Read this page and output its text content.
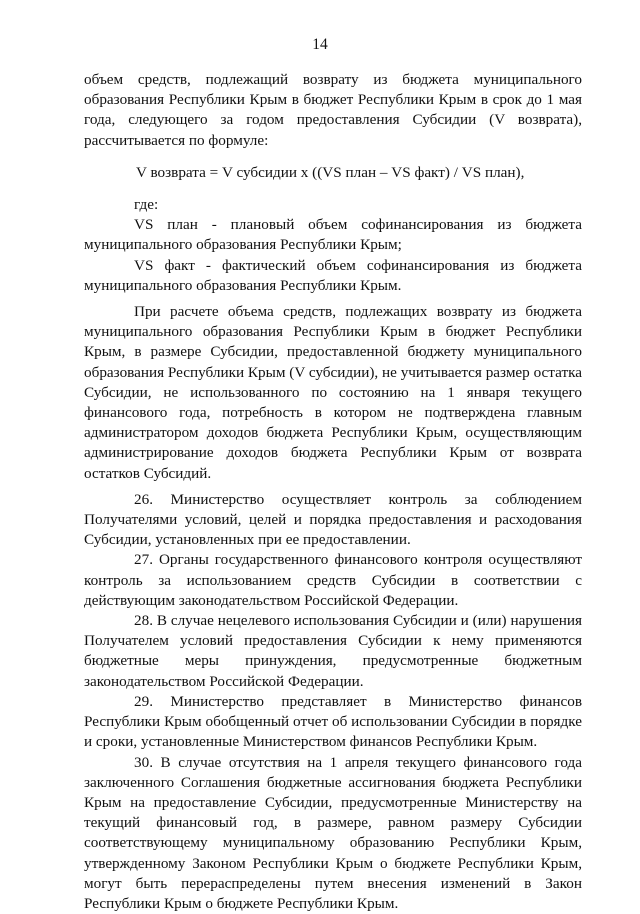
14

объем средств, подлежащий возврату из бюджета муниципального образования Республики Крым в бюджет Республики Крым в срок до 1 мая года, следующего за годом предоставления Субсидии (V возврата), рассчитывается по формуле:

V возврата = V субсидии х ((VS план – VS факт) / VS план),

где:

VS план - плановый объем софинансирования из бюджета муниципального образования Республики Крым;

VS факт - фактический объем софинансирования из бюджета муниципального образования Республики Крым.

При расчете объема средств, подлежащих возврату из бюджета муниципального образования Республики Крым в бюджет Республики Крым, в размере Субсидии, предоставленной бюджету муниципального образования Республики Крым (V субсидии), не учитывается размер остатка Субсидии, не использованного по состоянию на 1 января текущего финансового года, потребность в котором не подтверждена главным администратором доходов бюджета Республики Крым, осуществляющим администрирование доходов бюджета Республики Крым от возврата остатков Субсидий.

26. Министерство осуществляет контроль за соблюдением Получателями условий, целей и порядка предоставления и расходования Субсидии, установленных при ее предоставлении.

27. Органы государственного финансового контроля осуществляют контроль за использованием средств Субсидии в соответствии с действующим законодательством Российской Федерации.

28. В случае нецелевого использования Субсидии и (или) нарушения Получателем условий предоставления Субсидии к нему применяются бюджетные меры принуждения, предусмотренные бюджетным законодательством Российской Федерации.

29. Министерство представляет в Министерство финансов Республики Крым обобщенный отчет об использовании Субсидии в порядке и сроки, установленные Министерством финансов Республики Крым.

30. В случае отсутствия на 1 апреля текущего финансового года заключенного Соглашения бюджетные ассигнования бюджета Республики Крым на предоставление Субсидии, предусмотренные Министерству на текущий финансовый год, в размере, равном размеру Субсидии соответствующему муниципальному образованию Республики Крым, утвержденному Законом Республики Крым о бюджете Республики Крым, могут быть перераспределены путем внесения изменений в Закон Республики Крым о бюджете Республики Крым.
